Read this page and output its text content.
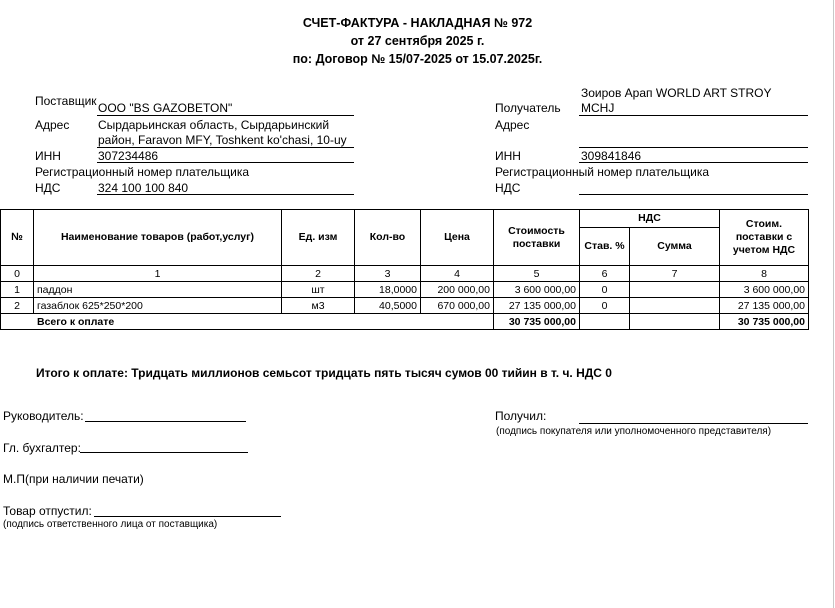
СЧЕТ-ФАКТУРА - НАКЛАДНАЯ № 972
от 27 сентября 2025 г.
по: Договор № 15/07-2025 от 15.07.2025г.
Поставщик ООО "BS GAZOBETON"
Адрес Сырдарьинская область, Сырдарьинский
район, Faravon MFY, Toshkent ko'chasi, 10-uy
ИНН	307234486
Регистрационный номер плательщика
НДС	324 100 100 840
Зоиров Арап WORLD ART STROY
Получатель MCHJ
Адрес
ИНН	309841846
Регистрационный номер плательщика
НДС
№	Наименование товаров (работ,услуг)	Ед. изм	Кол-во	Цена	Стоимость поставки	НДС		Стоим. поставки с учетом НДС
						Став. %	Сумма	
0	1	2	3	4	5	6	7	8
1	паддон	шт	18,0000	200 000,00	3 600 000,00	0		3 600 000,00
2	газаблок 625*250*200	м3	40,5000	670 000,00	27 135 000,00	0		27 135 000,00
Всего к оплате					30 735 000,00			30 735 000,00
Итого к оплате: Тридцать миллионов семьсот тридцать пять тысяч сумов 00 тийин в т. ч. НДС 0
Руководитель:
Гл. бухгалтер:
М.П(при наличии печати)
Товар отпустил:
(подпись ответственного лица от поставщика)
Получил:
(подпись покупателя или уполномоченного представителя)
